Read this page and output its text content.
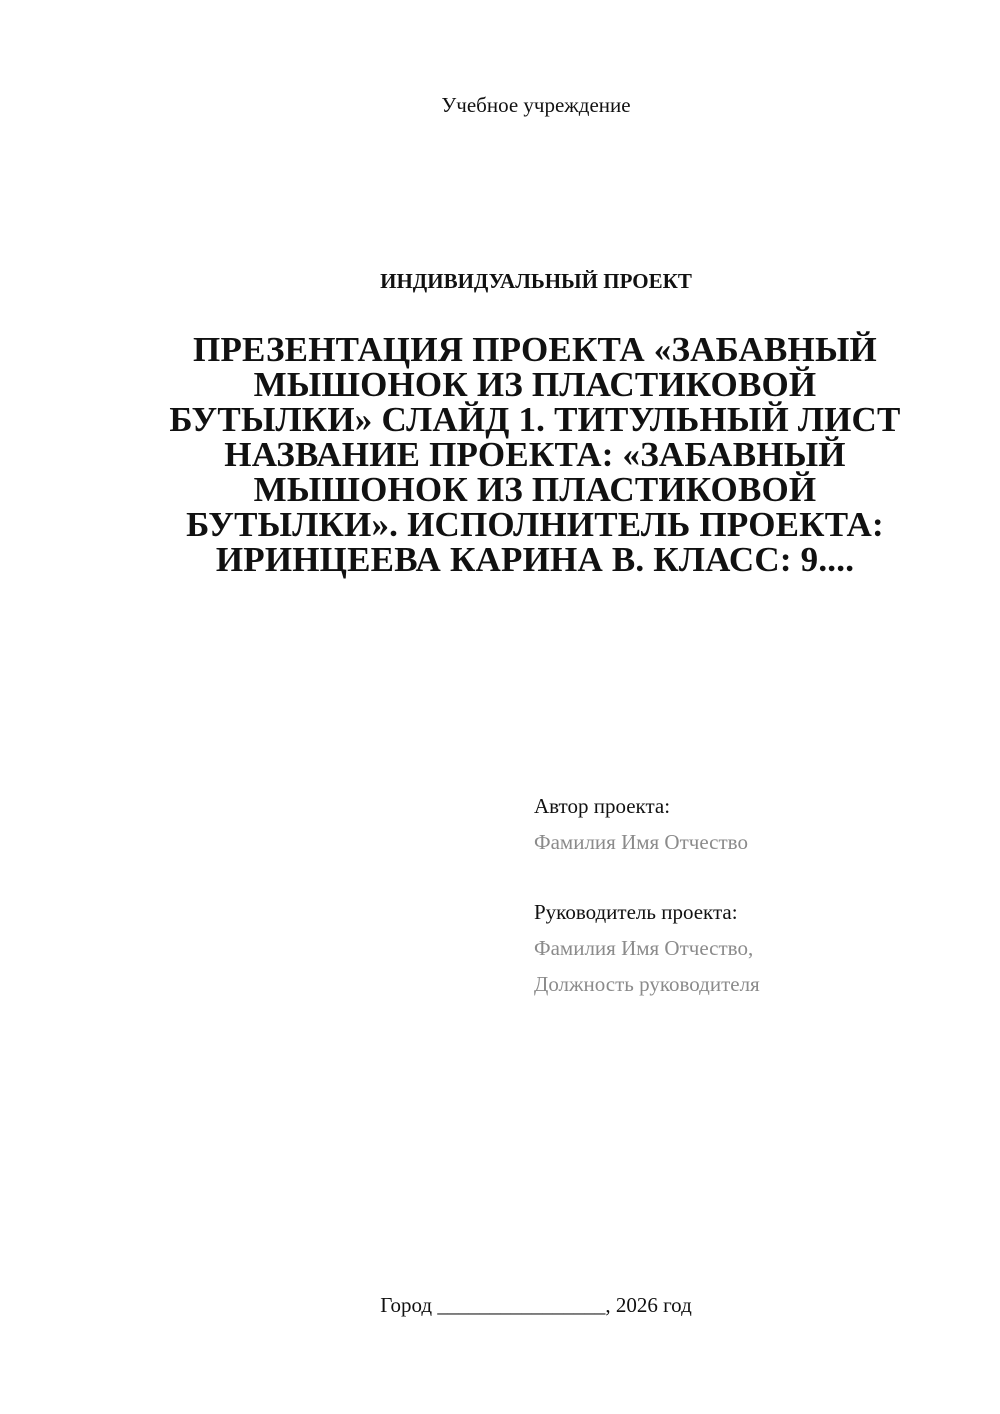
Учебное учреждение
ИНДИВИДУАЛЬНЫЙ ПРОЕКТ
ПРЕЗЕНТАЦИЯ ПРОЕКТА «ЗАБАВНЫЙ МЫШОНОК ИЗ ПЛАСТИКОВОЙ БУТЫЛКИ» СЛАЙД 1. ТИТУЛЬНЫЙ ЛИСТ НАЗВАНИЕ ПРОЕКТА: «ЗАБАВНЫЙ МЫШОНОК ИЗ ПЛАСТИКОВОЙ БУТЫЛКИ». ИСПОЛНИТЕЛЬ ПРОЕКТА: ИРИНЦЕЕВА КАРИНА В. КЛАСС: 9....
Автор проекта:
Фамилия Имя Отчество
Руководитель проекта:
Фамилия Имя Отчество,
Должность руководителя
Город ________________, 2026 год
